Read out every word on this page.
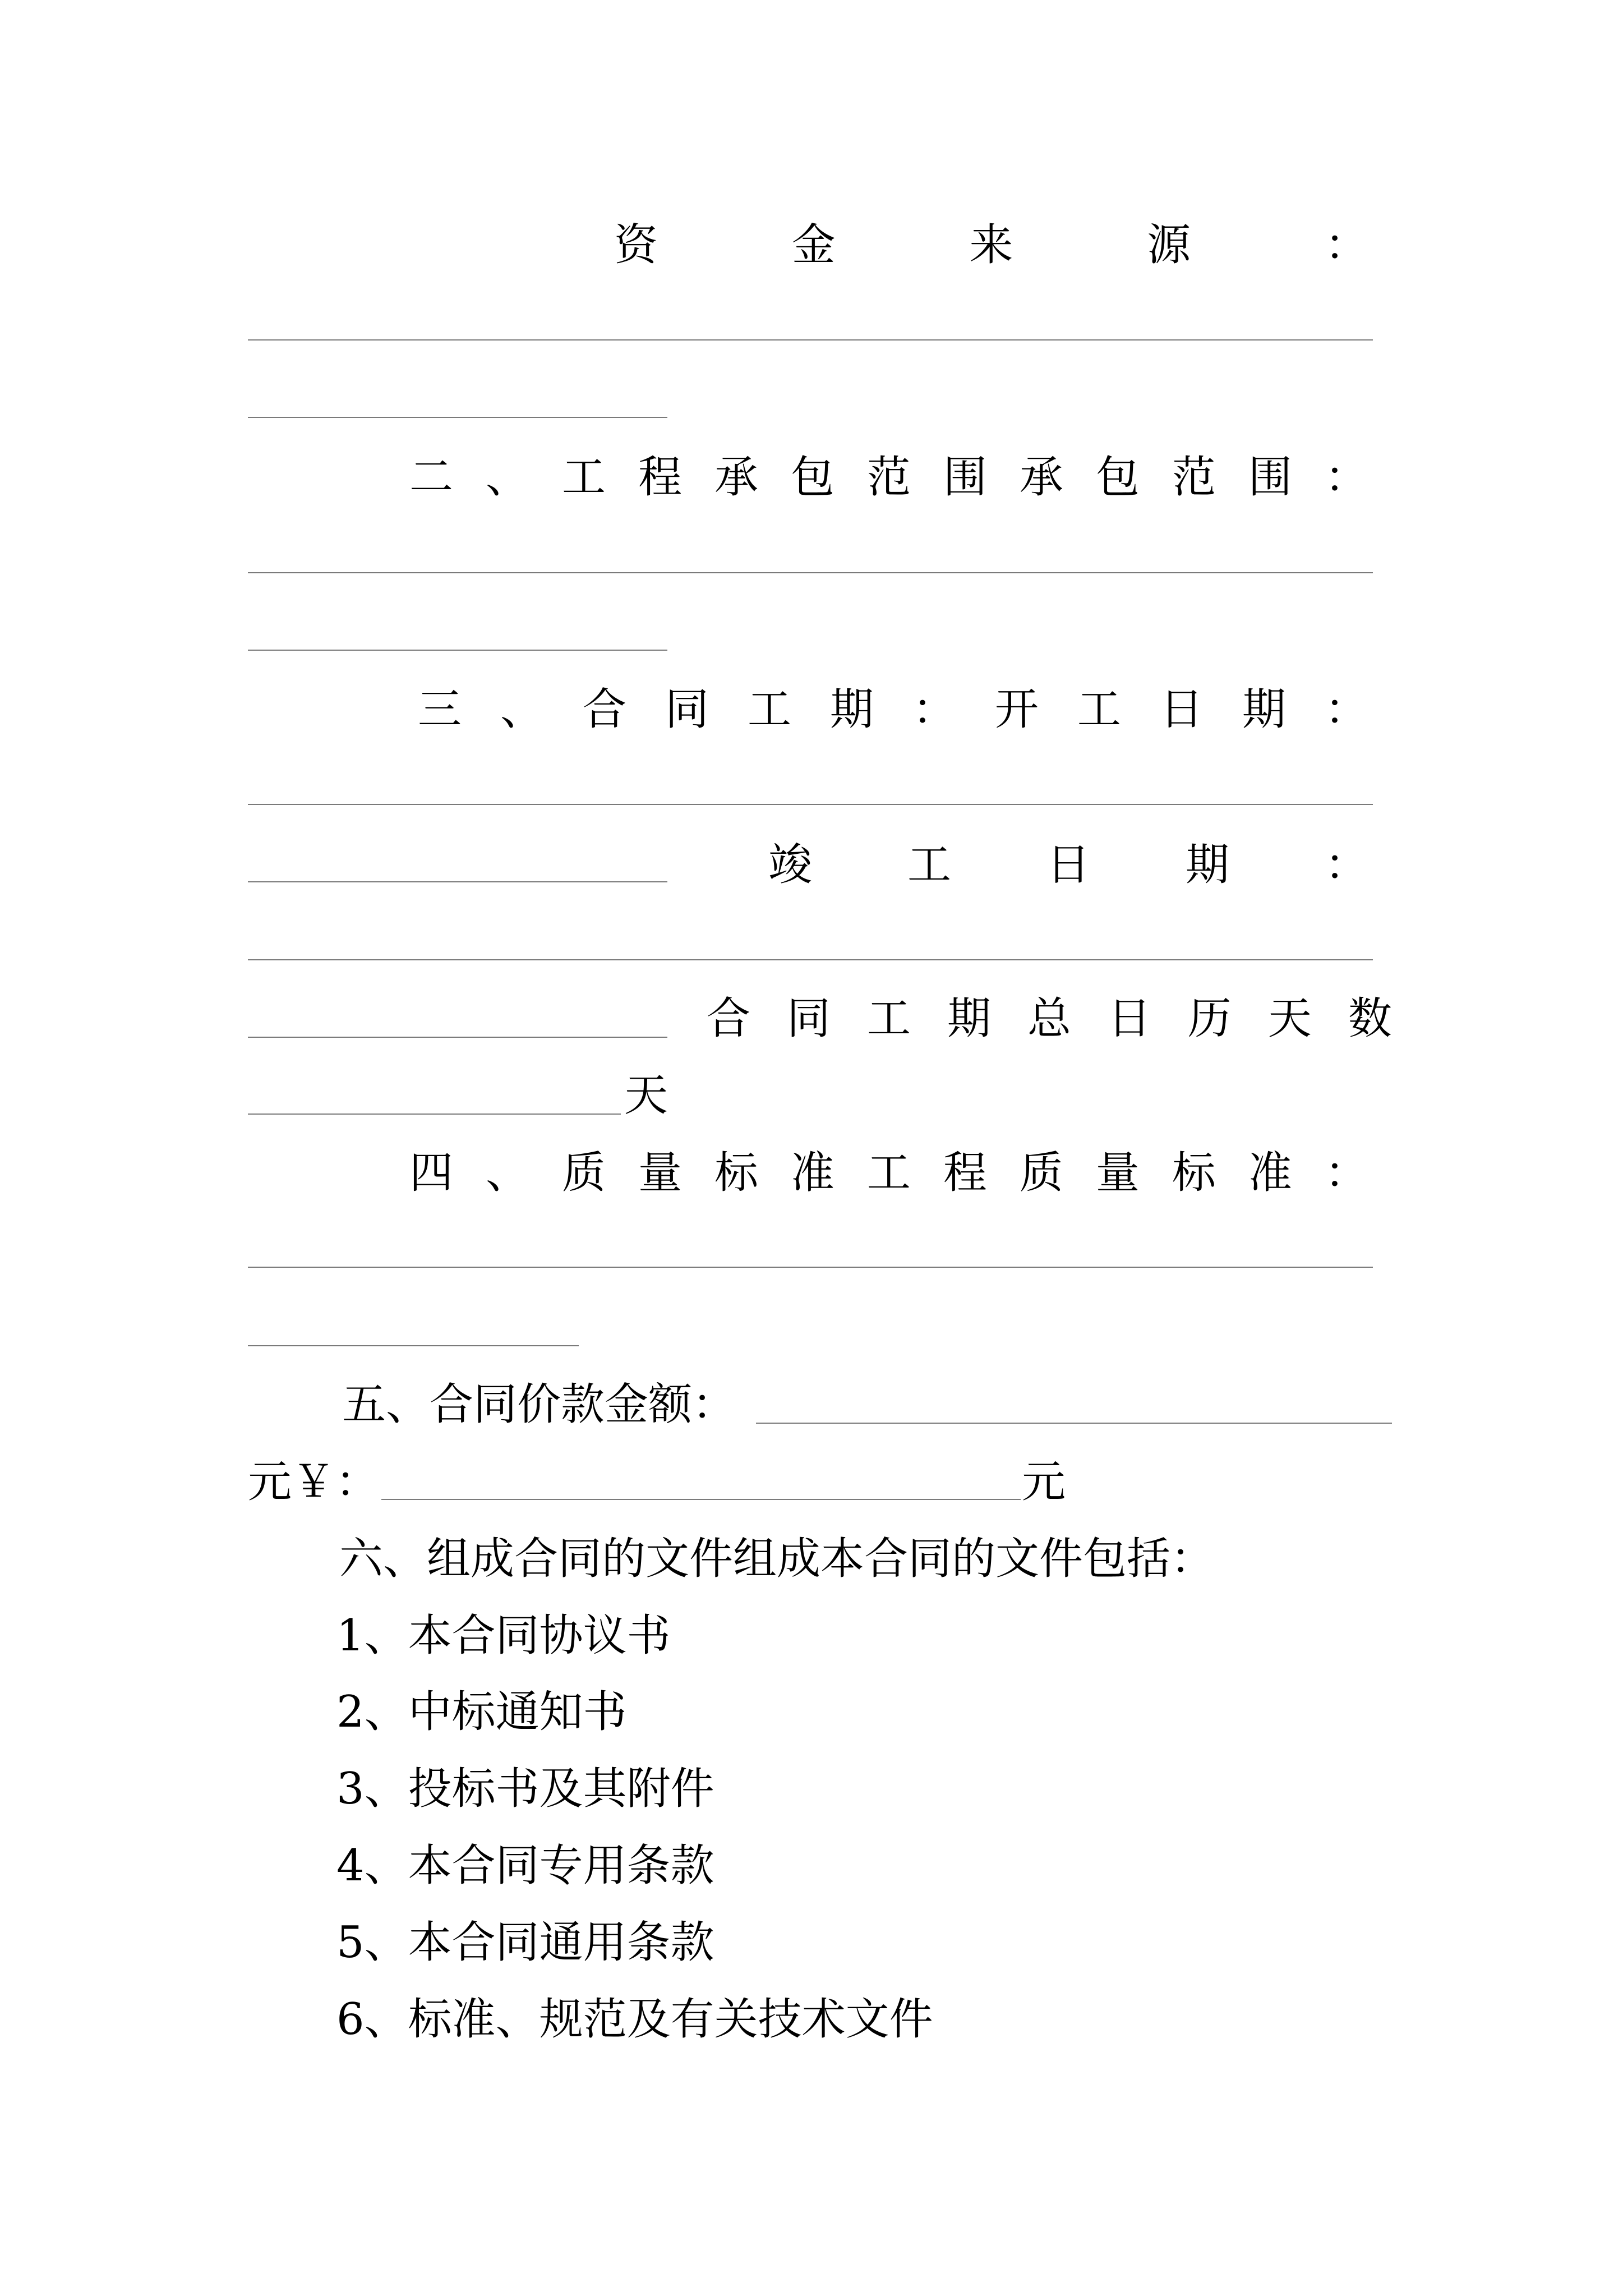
资	金	来	源	：
二 、 工 程 承 包 范 围 承 包 范 围 ：
三 、 合 同 工 期 ： 开 工 日 期 ：
竣 工 日 期 ：
合 同 工 期 总 日 历 天 数
天
四 、 质 量 标 准 工 程 质 量 标 准 ：
五、合同价款金额：
元￥：	元
六、组成合同的文件组成本合同的文件包括：
1、本合同协议书
2、中标通知书
3、投标书及其附件
4、本合同专用条款
5、本合同通用条款
6、标准、规范及有关技术文件
